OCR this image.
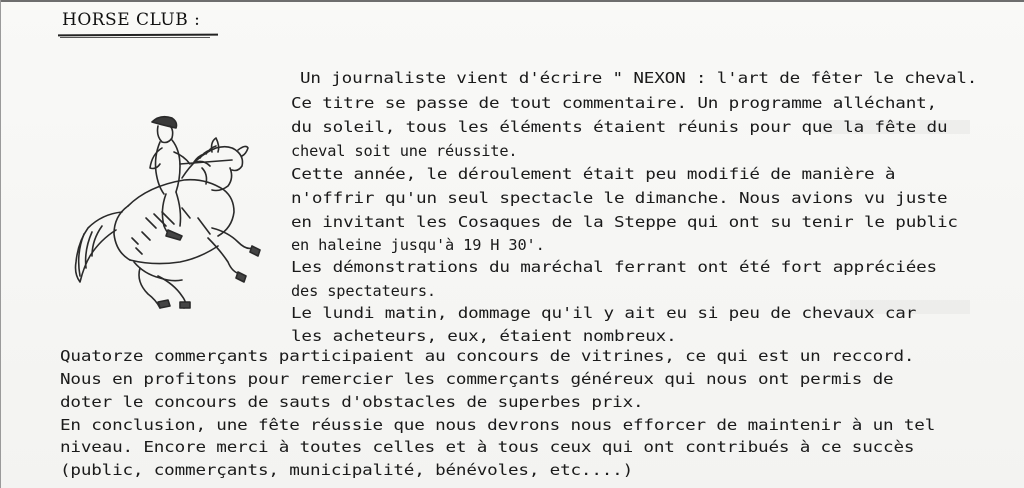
HORSE CLUB :
Un journaliste vient d'écrire " NEXON : l'art de fêter le cheval.
Ce titre se passe de tout commentaire. Un programme alléchant,
du soleil, tous les éléments étaient réunis pour que la fête du
cheval soit une réussite.
Cette année, le déroulement était peu modifié de manière à
n'offrir qu'un seul spectacle le dimanche. Nous avions vu juste
en invitant les Cosaques de la Steppe qui ont su tenir le public
en haleine jusqu'à 19 H 30'.
Les démonstrations du maréchal ferrant ont été fort appréciées
des spectateurs.
Le lundi matin, dommage qu'il y ait eu si peu de chevaux car
les acheteurs, eux, étaient nombreux.
Quatorze commerçants participaient au concours de vitrines, ce qui est un reccord.
Nous en profitons pour remercier les commerçants généreux qui nous ont permis de
doter le concours de sauts d'obstacles de superbes prix.
En conclusion, une fête réussie que nous devrons nous efforcer de maintenir à un tel
niveau. Encore merci à toutes celles et à tous ceux qui ont contribués à ce succès
(public, commerçants, municipalité, bénévoles, etc....)
